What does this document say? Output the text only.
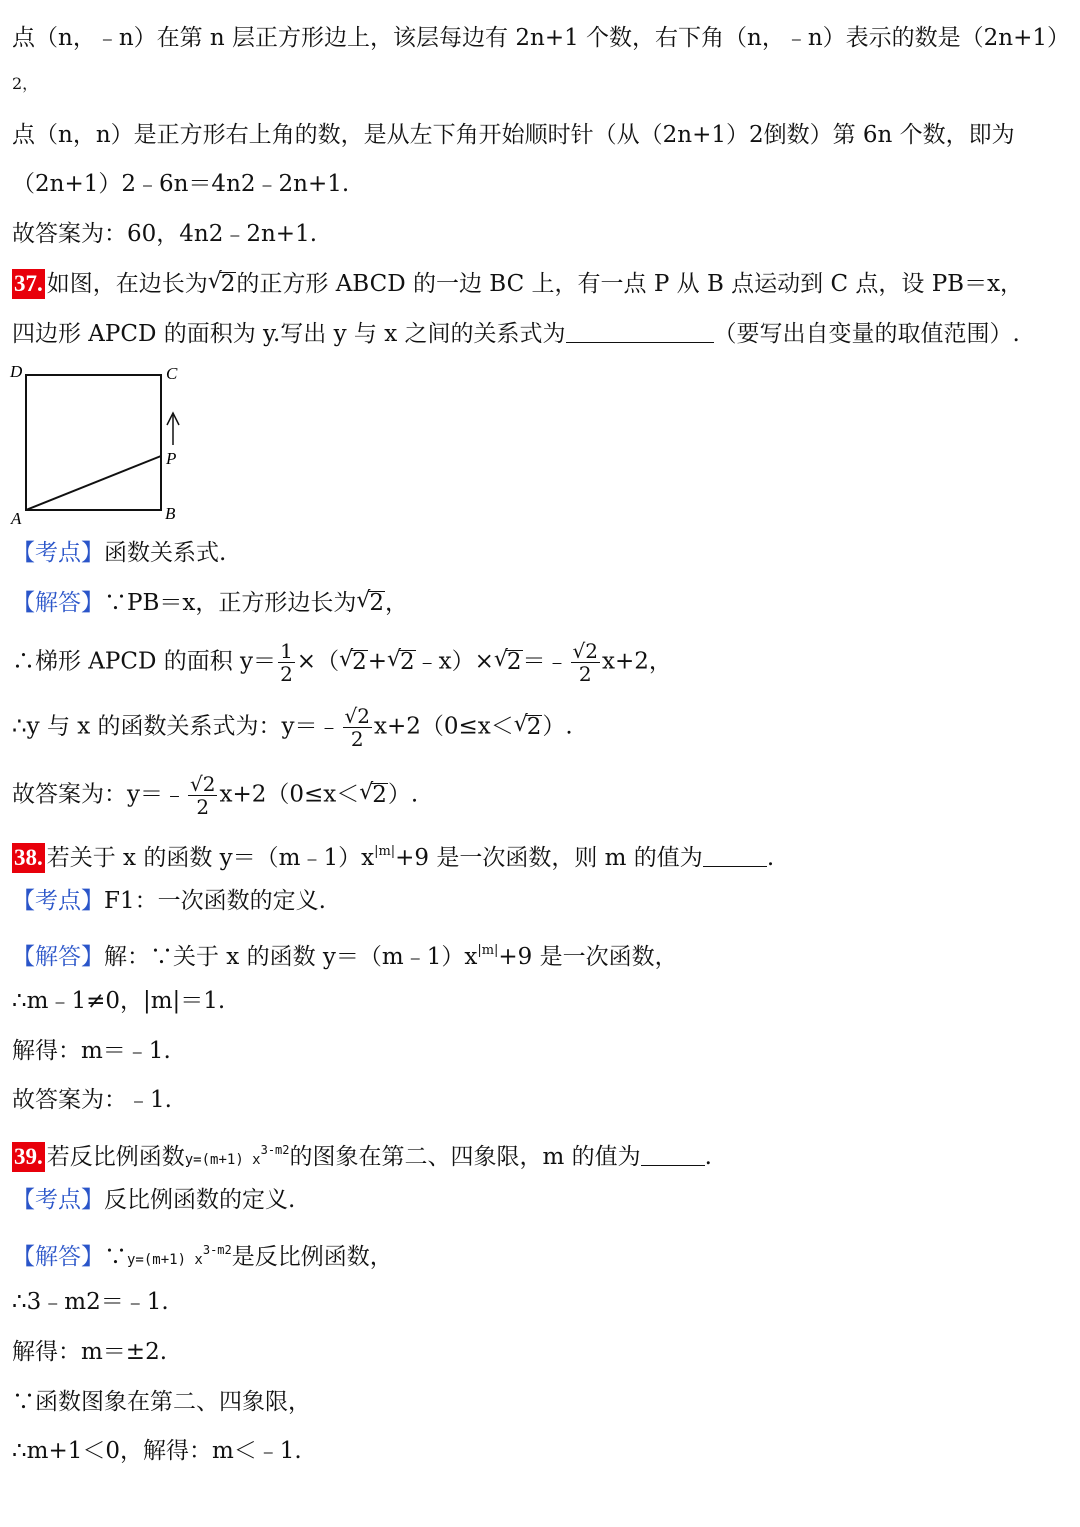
点（n，﹣n）在第 n 层正方形边上，该层每边有 2n+1 个数，右下角（n，﹣n）表示的数是（2n+1）
2，
点（n，n）是正方形右上角的数，是从左下角开始顺时针（从（2n+1）2倒数）第 6n 个数，即为
（2n+1）2﹣6n＝4n2﹣2n+1.
故答案为：60，4n2﹣2n+1.
37. 如图，在边长为 √
2的正方形 ABCD 的一边 BC 上，有一点 P 从 B 点运动到 C 点，设 PB＝x，
四边形 APCD 的面积为 y.写出 y 与 x 之间的关系式为	（要写出自变量的取值范围）.
D	C
A	B
P
【考点】函数关系式.
【解答】∵PB＝x，正方形边长为 √
2，
∴梯形 APCD 的面积 $y= \frac{1}{2}$ ×（ √
2+ √
2﹣x）× √
2＝﹣ $\frac{√2}{2} x+2$，
∴y 与 x 的函数关系式为：y＝﹣ $\frac{√2}{2} x+2(0\le x<$ √
2）.
故答案为：y＝﹣ $\frac{√2}{2} x+2(0\le x<$ √
2）.
38. 若关于 x 的函数 $y=(m﹣1)x^{|m|}+9$ 是一次函数，则 m 的值为	.
【考点】F1：一次函数的定义.
【解答】解：∵关于 x 的函数 $y=(m﹣1)x^{|m|}+9$ 是一次函数，
∴m﹣1≠0，|m|＝1.
解得：m＝﹣1.
故答案为：﹣1.
39. 若反比例函数y=(m+1) $x^{3-m2}$的图象在第二、四象限，m 的值为	.
【考点】反比例函数的定义.
【解答】∵y=(m+1) $x^{3-m2}$是反比例函数，
∴3﹣m2＝﹣1.
解得：m＝±2.
∵函数图象在第二、四象限，
∴m+1＜0，解得：m＜﹣1.
